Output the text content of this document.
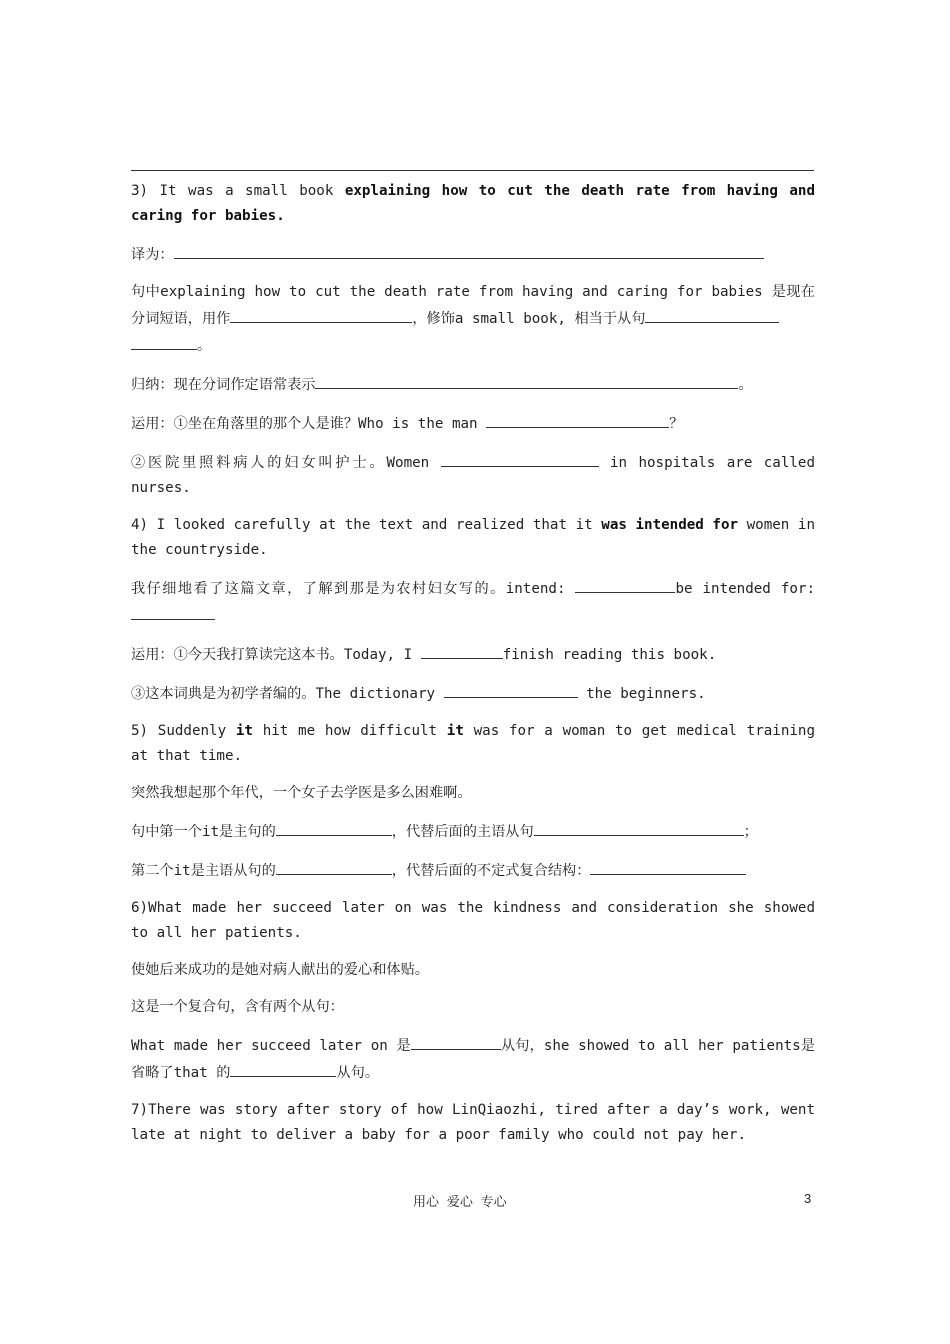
3) It was a small book explaining how to cut the death rate from having and caring for babies.

译为：

句中explaining how to cut the death rate from having and caring for babies 是现在分词短语，用作	，修饰a small book, 相当于从句
。

归纳：现在分词作定语常表示	。

运用：①坐在角落里的那个人是谁？Who is the man	？

②医院里照料病人的妇女叫护士。Women	in hospitals are called nurses.

4) I looked carefully at the text and realized that it was intended for women in the countryside.

我仔细地看了这篇文章，了解到那是为农村妇女写的。intend:	be intended for:

运用：①今天我打算读完这本书。Today, I	finish reading this book.

③这本词典是为初学者编的。The dictionary	the beginners.

5) Suddenly it hit me how difficult it was for a woman to get medical training at that time.

突然我想起那个年代，一个女子去学医是多么困难啊。

句中第一个it是主句的	，代替后面的主语从句	；

第二个it是主语从句的	，代替后面的不定式复合结构：

6)What made her succeed later on was the kindness and consideration she showed to all her patients.

使她后来成功的是她对病人献出的爱心和体贴。

这是一个复合句，含有两个从句：

What made her succeed later on 是	从句，she showed to all her patients是省略了that 的	从句。

7)There was story after story of how LinQiaozhi, tired after a day’s work, went late at night to deliver a baby for a poor family who could not pay her.

用心 爱心 专心	3
